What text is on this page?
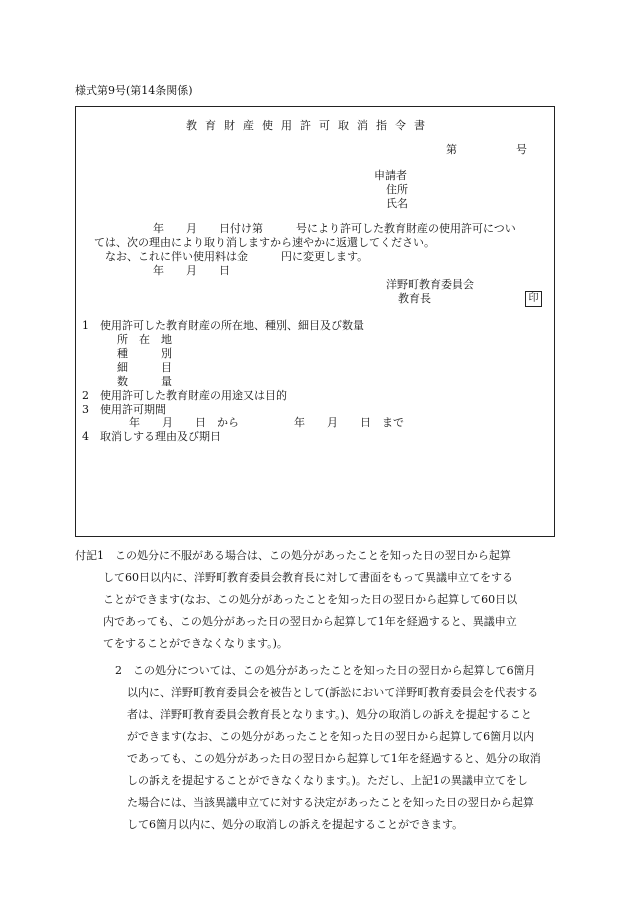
様式第9号(第14条関係)
教育財産使用許可取消指令書
第	号
申請者
住所
氏名
年　　月　　日付け第　　　号により許可した教育財産の使用許可につい
ては、次の理由により取り消しますから速やかに返還してください。
なお、これに伴い使用料は金　　　円に変更します。
年　　月　　日
洋野町教育委員会
教育長	印
1　使用許可した教育財産の所在地、種別、細目及び数量
所　在　地
種　　　別
細　　　目
数　　　量
2　使用許可した教育財産の用途又は目的
3　使用許可期間
年　　月　　日　から　　　　　年　　月　　日　まで
4　取消しする理由及び期日
付記1　この処分に不服がある場合は、この処分があったことを知った日の翌日から起算
して60日以内に、洋野町教育委員会教育長に対して書面をもって異議申立てをする
ことができます(なお、この処分があったことを知った日の翌日から起算して60日以
内であっても、この処分があった日の翌日から起算して1年を経過すると、異議申立
てをすることができなくなります。)。
2　この処分については、この処分があったことを知った日の翌日から起算して6箇月
以内に、洋野町教育委員会を被告として(訴訟において洋野町教育委員会を代表する
者は、洋野町教育委員会教育長となります。)、処分の取消しの訴えを提起すること
ができます(なお、この処分があったことを知った日の翌日から起算して6箇月以内
であっても、この処分があった日の翌日から起算して1年を経過すると、処分の取消
しの訴えを提起することができなくなります。)。ただし、上記1の異議申立てをし
た場合には、当該異議申立てに対する決定があったことを知った日の翌日から起算
して6箇月以内に、処分の取消しの訴えを提起することができます。
